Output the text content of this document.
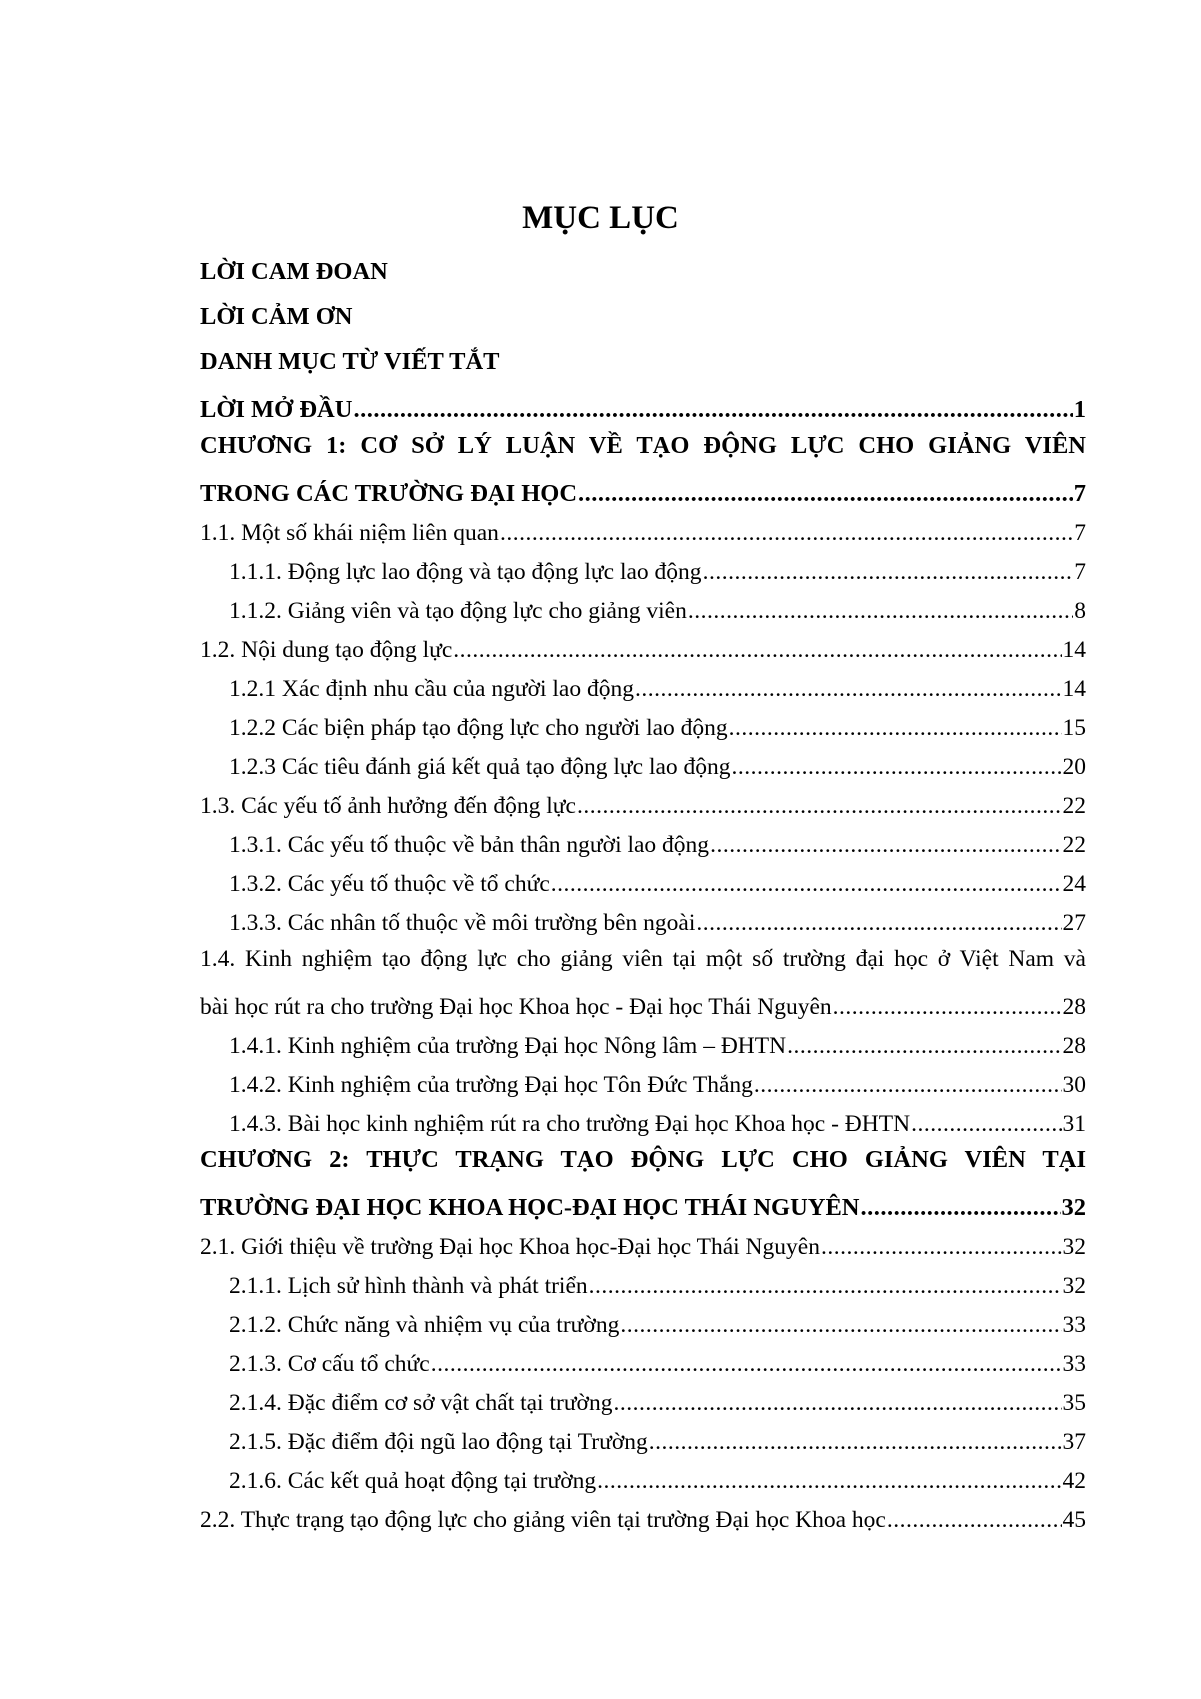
MỤC LỤC
LỜI CAM ĐOAN
LỜI CẢM ƠN
DANH MỤC TỪ VIẾT TẮT
LỜI MỞ ĐẦU .....	1
CHƯƠNG 1: CƠ SỞ LÝ LUẬN VỀ TẠO ĐỘNG LỰC CHO GIẢNG VIÊN
TRONG CÁC TRƯỜNG ĐẠI HỌC .....	7
1.1. Một số khái niệm liên quan .....	7
1.1.1. Động lực lao động và tạo động lực lao động .....	7
1.1.2. Giảng viên và tạo động lực cho giảng viên .....	8
1.2. Nội dung tạo động lực .....	14
1.2.1 Xác định nhu cầu của người lao động .....	14
1.2.2 Các biện pháp tạo động lực cho người lao động .....	15
1.2.3 Các tiêu đánh giá kết quả tạo động lực lao động .....	20
1.3. Các yếu tố ảnh hưởng đến động lực .....	22
1.3.1. Các yếu tố thuộc về bản thân người lao động .....	22
1.3.2. Các yếu tố thuộc về tổ chức .....	24
1.3.3. Các nhân tố thuộc về môi trường bên ngoài .....	27
1.4. Kinh nghiệm tạo động lực cho giảng viên tại một số trường đại học ở Việt Nam và
bài học rút ra cho trường Đại học Khoa học - Đại học Thái Nguyên .....	28
1.4.1. Kinh nghiệm của trường Đại học Nông lâm – ĐHTN .....	28
1.4.2. Kinh nghiệm của trường Đại học Tôn Đức Thắng .....	30
1.4.3. Bài học kinh nghiệm rút ra cho trường Đại học Khoa học - ĐHTN .....	31
CHƯƠNG 2: THỰC TRẠNG TẠO ĐỘNG LỰC CHO GIẢNG VIÊN TẠI
TRƯỜNG ĐẠI HỌC KHOA HỌC-ĐẠI HỌC THÁI NGUYÊN .....	32
2.1. Giới thiệu về trường Đại học Khoa học-Đại học Thái Nguyên .....	32
2.1.1. Lịch sử hình thành và phát triển .....	32
2.1.2. Chức năng và nhiệm vụ của trường .....	33
2.1.3. Cơ cấu tổ chức .....	33
2.1.4. Đặc điểm cơ sở vật chất tại trường .....	35
2.1.5. Đặc điểm đội ngũ lao động tại Trường .....	37
2.1.6. Các kết quả hoạt động tại trường .....	42
2.2. Thực trạng tạo động lực cho giảng viên tại trường Đại học Khoa học .....	45
